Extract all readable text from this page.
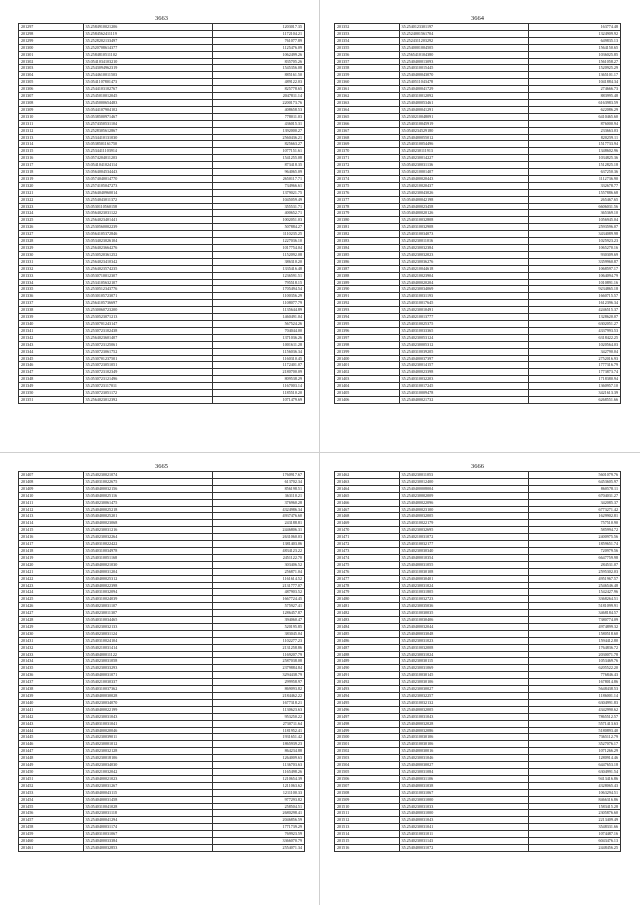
3663
201297	35.2584910021206	1203017.35
201298	35.2584562411119	1172104.21
201299	35.2528202133497	761077.89
201300	35.2520708614377	1125476.09
201301	35.2584810511102	1062499.26
201302	35.0541034103210	835705.26
201303	35.2543094962319	1545356.08
201304	35.2544610011503	885161.50
201305	35.0541107801473	489122.03
201306	35.2544103102767	825778.65
201307	35.2545010012045	2047811.14
201308	35.2545000654483	2200173.76
201309	35.0544107904102	408658.53
201310	35.0538500971467	778011.03
201311	35.2574350531104	436015.31
201312	35.2528305612867	1392000.27
201313	35.2534410131030	2560436.21
201314	35.0538501161750	825663.27
201315	35.2534411103914	1077151.61
201316	35.0574204011203	1541255.08
201317	35.0541041024114	873418.35
201318	35.0564004534443	964065.09
201319	35.0574040014770	2650117.71
201320	35.2574105047273	734966.61
201321	35.2564040960014	1379021.75
201322	35.2554043011372	1045059.49
201323	35.0530110560158	355531.71
201324	35.0564023031122	400652.71
201325	35.2564023401441	1002051.03
201326	35.2530560002239	507884.27
201327	35.0564105372846	1110235.25
201328	35.0534023026104	1227036.10
201329	35.2564023664276	1017754.04
201330	35.2530520361252	1152092.08
201331	35.2564023410342	386310.20
201332	35.2564023574235	1335416.48
201333	35.0530710012307	1236591.51
201334	35.2534105632107	795518.15
201335	35.2530512343776	1705494.54
201336	35.0530105723071	1100356.29
201337	35.2564105736697	1108077.79
201338	35.2530060723200	1135644.89
201339	35.2530523071213	1460491.04
201340	35.2530701243147	567524.26
201341	35.2530723102438	704044.00
201342	35.2564023601407	1371036.26
201343	35.2530723125061	1001611.28
201344	35.2530723061752	1156036.34
201345	35.2530701237501	1160310.45
201346	35.2530723051051	1172401.07
201347	35.2530723102349	2180700.09
201348	35.0530723121496	809538.29
201349	35.2530723117011	1167003.14
201350	35.2530723051172	1185510.20
201351	35.2564023012392	1071479.69
3664
201352	35.2540123301197	163774.48
201353	35.2524001561704	1324909.92
201354	35.2524311203292	649835.13
201355	35.2540001004505	1564150.65
201356	35.2565410104380	1036025.85
201357	35.2540400013093	1561058.27
201358	35.2540310015445	1520925.29
201359	35.2540400043070	1365101.17
201360	35.2540511043478	1041884.34
201361	35.2540400041729	274666.73
201362	35.2540310012092	883995.48
201363	35.2540400053461	6163983.59
201364	35.2540400041291	622086.29
201365	35.2530210048091	6410465.60
201366	35.2540310045919	876000.94
201367	35.0540234529180	233663.03
201368	35.2540400055012	820259.11
201369	35.2540310054496	1517733.94
201370	35.2540230111913	1348602.96
201371	35.2540230014227	1034825.36
201372	35.0540230031136	1512825.18
201373	35.0540210001407	637250.36
201374	35.2540400020443	1112736.90
201375	35.2540210020437	332678.77
201376	35.2540230043026	1557886.68
201377	35.0540400042198	265467.65
201378	35.2540400023458	6606031.56
201379	35.0540400020126	365369.10
201380	35.2540310032808	1056945.04
201381	35.2540310032908	2593596.07
201382	35.2540310034073	3434089.98
201383	35.2540230011016	1025923.23
201384	35.2540230032384	1065270.16
201385	35.2540230032023	930309.69
201386	35.2540230036276	3359960.87
201387	35.2540210044618	1068597.17
201388	35.2540210023904	1064094.79
201389	35.2540400020204	1010891.16
201390	35.2540230034069	9234865.18
201391	35.2540310031193	1660715.57
201392	35.2540310017645	1612396.34
201393	35.2540230010491	4246515.37
201394	35.2540210013777	1328620.07
201395	35.2540310025375	6302051.27
201396	35.2540310033365	4337993.53
201397	35.2540230053124	6318422.25
201398	35.2540230005312	1020564.03
201399	35.2540310039205	342790.04
201400	35.2540400037397	2752016.93
201401	35.2540230014157	1777316.79
201402	35.2540400023398	1773873.74
201403	35.2540310032203	1718380.94
201404	35.2540310017245	1360957.10
201405	35.2540310009478	3421613.39
201406	35.2540400021732	6268551.66
3665
201407	35.2540230021074	1760917.67
201408	35.2540310022675	613702.34
201409	35.0540400032156	856198.51
201410	35.0540400025116	363110.21
201411	35.0540230061475	376960.28
201412	35.2540400025218	4324986.34
201413	35.0540400025201	4937476.60
201414	35.2540400023068	243188.81
201415	35.2540230031216	2446806.31
201416	35.2540230032264	2631060.03
201417	35.2540310022422	1381403.06
201418	35.0540310034978	4834123.22
201419	35.2540310051168	2451122.70
201420	35.2540400021030	303406.52
201421	35.2540400031204	256871.04
201422	35.0540400025312	1161614.52
201423	35.2540400022398	2131777.07
201424	35.2540310032094	487903.52
201425	35.2540310024039	1667724.45
201426	35.0540230031107	575927.41
201427	35.2540230011307	1286457.87
201428	35.0540310034465	394060.47
201429	35.2540230032133	520195.85
201430	35.0540230031124	383045.04
201431	35.2540310024104	1102277.23
201432	35.0540210031414	2131258.86
201433	35.0540400011122	1169207.79
201434	35.2540230031058	2587038.08
201435	35.2540230033293	2379884.84
201436	35.0540400031071	3294438.79
201437	35.0540210030337	299958.97
201438	35.0540310037362	869093.82
201439	35.2540400030028	2184462.22
201440	35.2540230034070	1677318.21
201441	35.0540400022199	1130623.63
201442	35.2540230031043	953250.22
201443	35.2540310031041	2730711.64
201444	35.2540400020046	1181952.41
201445	35.2540230039011	1931651.42
201446	35.2540230001012	1865939.23
201447	35.2540230032128	864234.88
201448	35.2540230018106	1264009.63
201449	35.2540230034030	1136703.63
201450	35.2540210032042	1165498.26
201451	35.2540400021023	1210654.39
201452	35.2540230031267	1211063.62
201453	35.0540400043115	1211100.33
201454	35.0540400031458	977293.82
201455	35.0540310041028	258504.51
201456	35.2540230031118	2680298.41
201457	35.2540400041294	2046856.59
201458	35.2540400031174	1771739.29
201459	35.2540310031067	769923.59
201460	35.2540400033384	3366070.79
201461	35.2540400032853	2554071.34
3666
201462	35.2540230011053	5601079.76
201463	35.2540230012400	6453605.97
201464	35.2540400008004	860578.11
201465	35.2540230002009	6704031.27
201466	35.2540400022096	342085.37
201467	35.2540400023100	6773271.42
201468	35.2540400032005	1629902.81
201469	35.2540310022179	757510.90
201470	35.2540230032695	585994.72
201471	35.2540210031072	2400975.56
201472	35.2540310032177	1859651.74
201473	35.2540230030340	720979.56
201474	35.2540400010354	6647759.98
201475	35.2540400031055	284531.07
201476	35.2540310030108	2595302.03
201477	35.2540400030401	4951967.57
201478	35.2540230031024	2546546.48
201479	35.2540310031805	1542427.96
201480	35.2540310032723	3368264.51
201481	35.2540230035036	5181099.91
201482	35.2540310030035	3468184.57
201483	35.2540310030406	7380774.09
201484	35.2540400032044	4974899.32
201485	35.2540400033048	1580518.60
201486	35.2540230031023	1594412.80
201487	35.2540310032008	1764836.72
201488	35.2540230031024	2030071.78
201489	35.2540230030115	1053469.76
201490	35.2540230031069	6205522.20
201491	35.2540310030145	776846.43
201492	35.2540230030106	1678014.86
201493	35.2540230030027	5648438.53
201494	35.2540230032257	1186001.14
201495	35.2540310032132	6304991.83
201496	35.2540400032005	4342990.62
201497	35.2540310031043	7865512.57
201498	35.2540400032028	5571413.63
201499	35.2540400032086	5180893.40
201500	35.2540310030106	7365112.79
201501	35.2540310030106	3527076.17
201502	35.2540400030016	1071266.29
201503	35.2540230031046	1280914.46
201504	35.2540400030027	6447653.18
201505	35.2540230031084	6304991.54
201506	35.2540400031106	9413416.86
201507	35.2540400031038	4328065.43
201508	35.2540310031067	1063294.51
201509	35.2540230031000	8466316.86
201510	35.2540230031033	1583415.28
201511	35.2540400031000	2305876.60
201512	35.2540400031043	2213409.49
201513	35.2540230031041	3548331.66
201514	35.2540310031011	1074487.16
201515	35.2540230031143	6043476.13
201516	35.2540400031072	2448456.25
